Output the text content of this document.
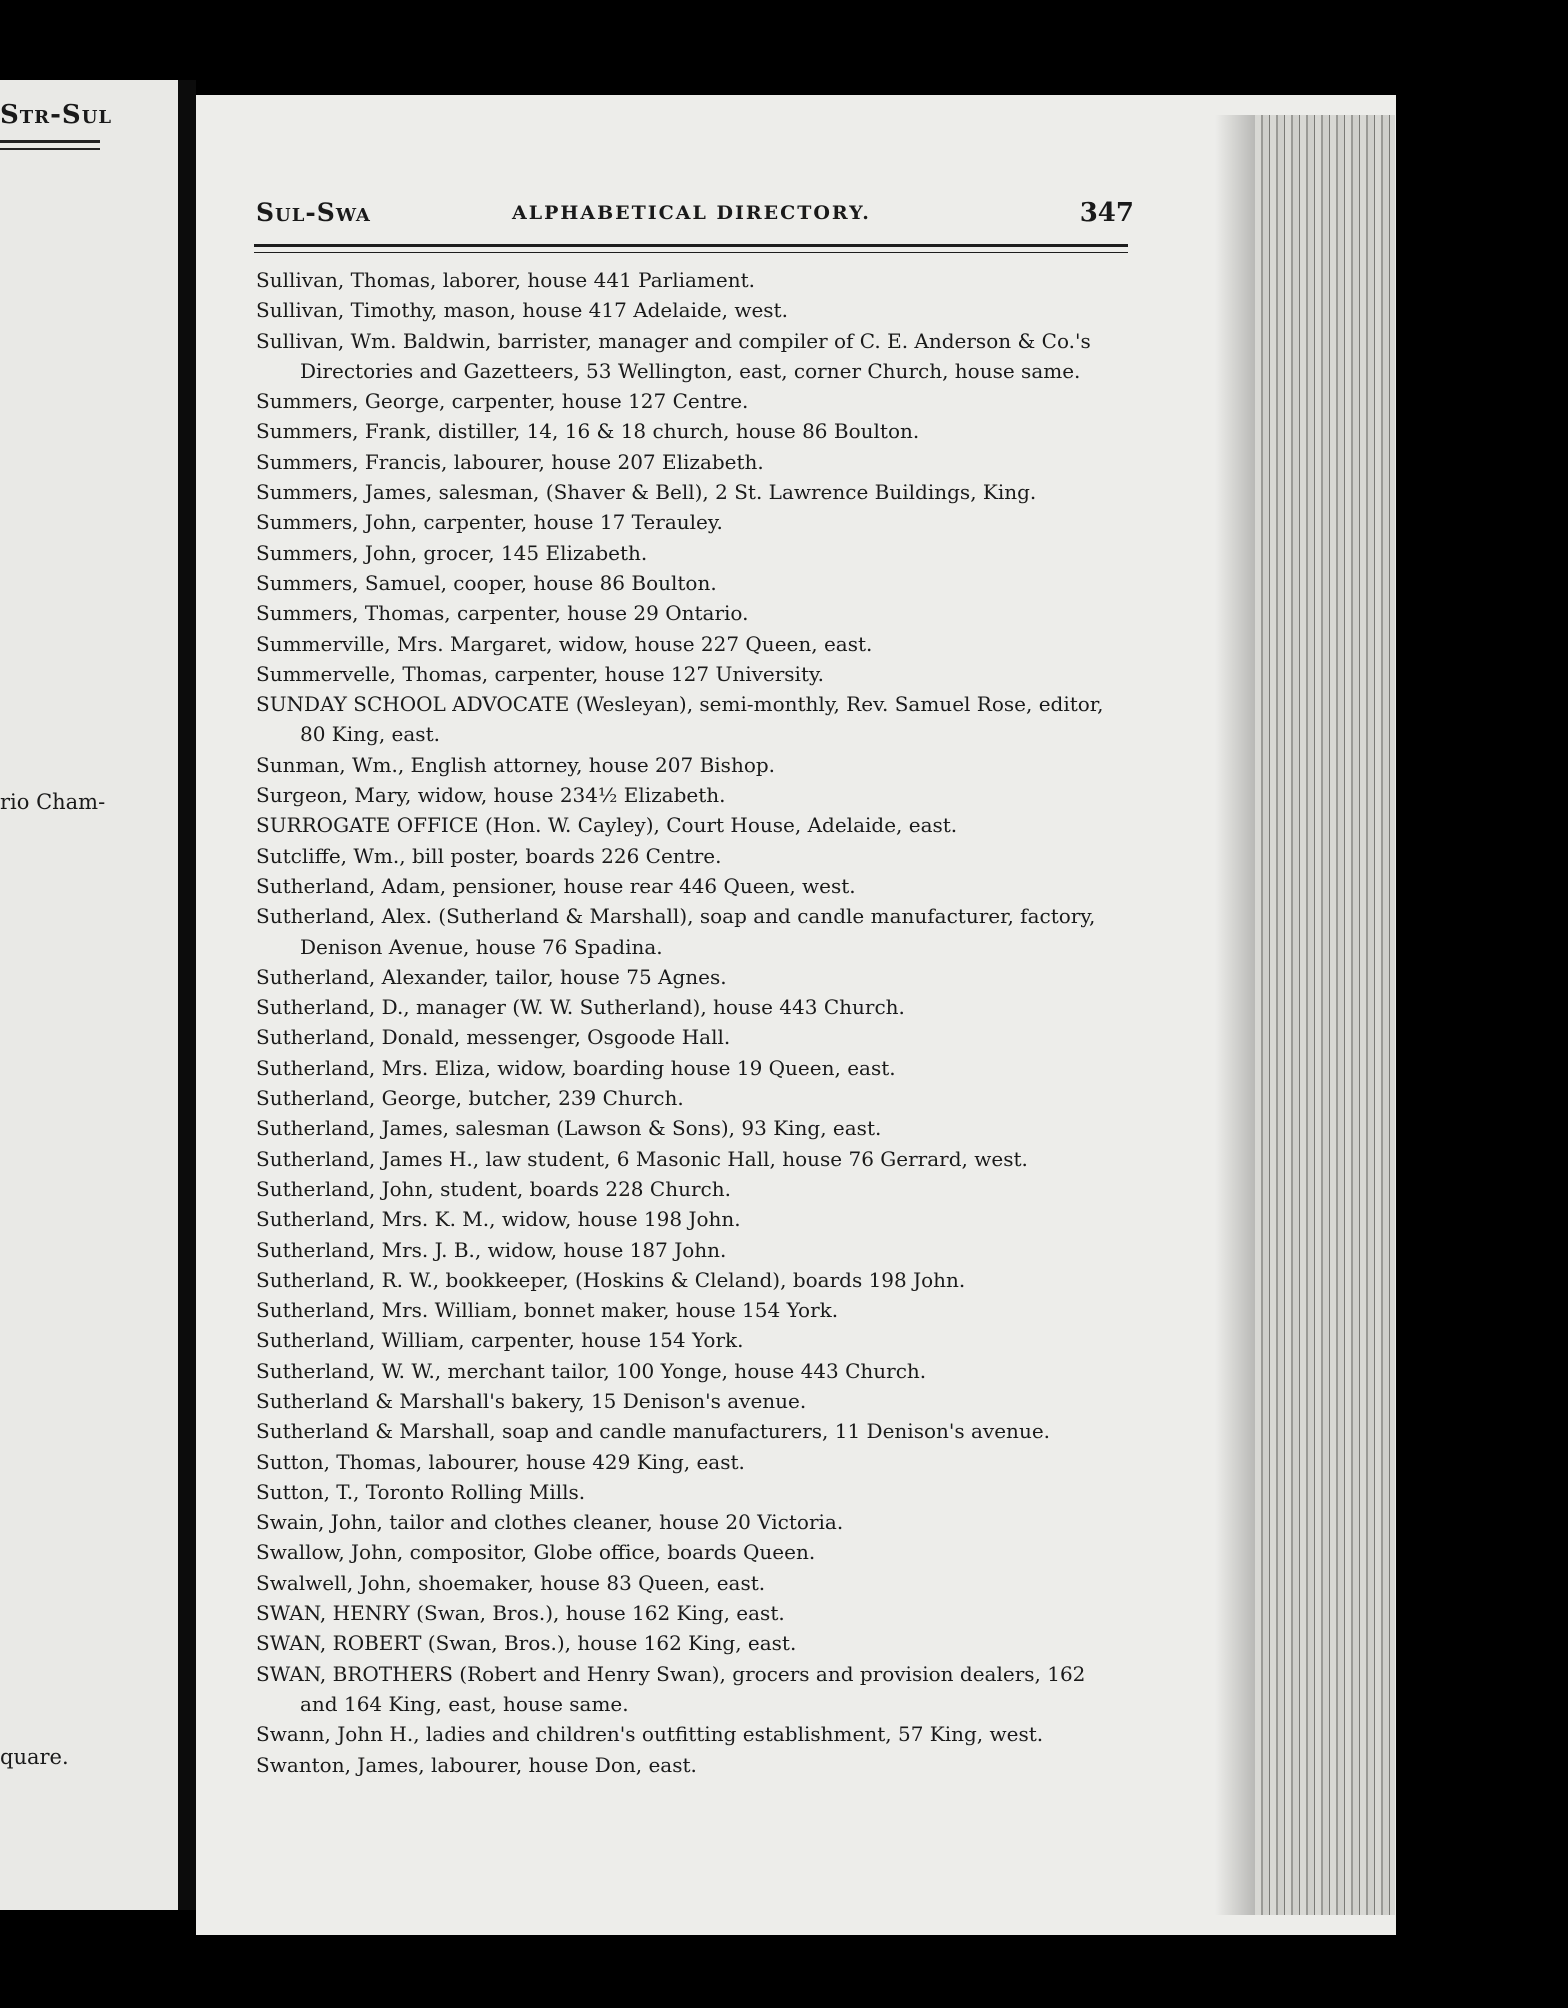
Str-Sul
rio Cham-
quare.
Sul-Swa	ALPHABETICAL DIRECTORY.	347
Sullivan, Thomas, laborer, house 441 Parliament.
Sullivan, Timothy, mason, house 417 Adelaide, west.
Sullivan, Wm. Baldwin, barrister, manager and compiler of C. E. Anderson & Co.'s
Directories and Gazetteers, 53 Wellington, east, corner Church, house same.
Summers, George, carpenter, house 127 Centre.
Summers, Frank, distiller, 14, 16 & 18 church, house 86 Boulton.
Summers, Francis, labourer, house 207 Elizabeth.
Summers, James, salesman, (Shaver & Bell), 2 St. Lawrence Buildings, King.
Summers, John, carpenter, house 17 Terauley.
Summers, John, grocer, 145 Elizabeth.
Summers, Samuel, cooper, house 86 Boulton.
Summers, Thomas, carpenter, house 29 Ontario.
Summerville, Mrs. Margaret, widow, house 227 Queen, east.
Summervelle, Thomas, carpenter, house 127 University.
SUNDAY SCHOOL ADVOCATE (Wesleyan), semi-monthly, Rev. Samuel Rose, editor,
80 King, east.
Sunman, Wm., English attorney, house 207 Bishop.
Surgeon, Mary, widow, house 234½ Elizabeth.
SURROGATE OFFICE (Hon. W. Cayley), Court House, Adelaide, east.
Sutcliffe, Wm., bill poster, boards 226 Centre.
Sutherland, Adam, pensioner, house rear 446 Queen, west.
Sutherland, Alex. (Sutherland & Marshall), soap and candle manufacturer, factory,
Denison Avenue, house 76 Spadina.
Sutherland, Alexander, tailor, house 75 Agnes.
Sutherland, D., manager (W. W. Sutherland), house 443 Church.
Sutherland, Donald, messenger, Osgoode Hall.
Sutherland, Mrs. Eliza, widow, boarding house 19 Queen, east.
Sutherland, George, butcher, 239 Church.
Sutherland, James, salesman (Lawson & Sons), 93 King, east.
Sutherland, James H., law student, 6 Masonic Hall, house 76 Gerrard, west.
Sutherland, John, student, boards 228 Church.
Sutherland, Mrs. K. M., widow, house 198 John.
Sutherland, Mrs. J. B., widow, house 187 John.
Sutherland, R. W., bookkeeper, (Hoskins & Cleland), boards 198 John.
Sutherland, Mrs. William, bonnet maker, house 154 York.
Sutherland, William, carpenter, house 154 York.
Sutherland, W. W., merchant tailor, 100 Yonge, house 443 Church.
Sutherland & Marshall's bakery, 15 Denison's avenue.
Sutherland & Marshall, soap and candle manufacturers, 11 Denison's avenue.
Sutton, Thomas, labourer, house 429 King, east.
Sutton, T., Toronto Rolling Mills.
Swain, John, tailor and clothes cleaner, house 20 Victoria.
Swallow, John, compositor, Globe office, boards Queen.
Swalwell, John, shoemaker, house 83 Queen, east.
SWAN, HENRY (Swan, Bros.), house 162 King, east.
SWAN, ROBERT (Swan, Bros.), house 162 King, east.
SWAN, BROTHERS (Robert and Henry Swan), grocers and provision dealers, 162
and 164 King, east, house same.
Swann, John H., ladies and children's outfitting establishment, 57 King, west.
Swanton, James, labourer, house Don, east.
